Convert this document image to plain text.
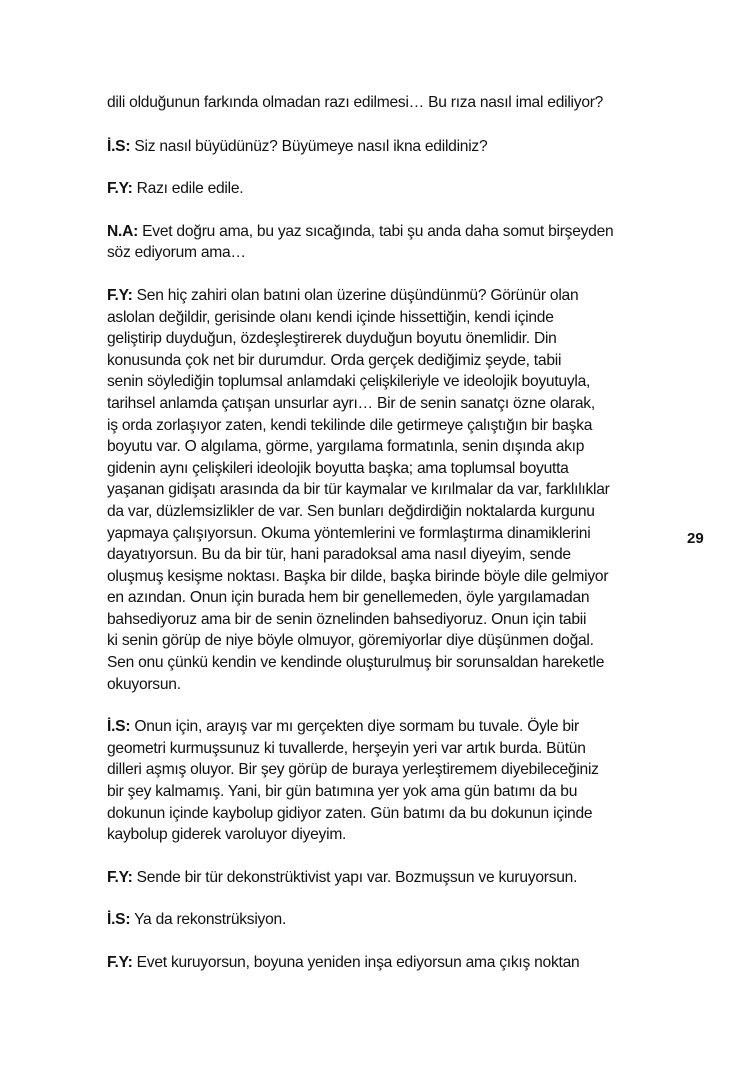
dili olduğunun farkında olmadan razı edilmesi… Bu rıza nasıl imal ediliyor?

İ.S: Siz nasıl büyüdünüz? Büyümeye nasıl ikna edildiniz?

F.Y: Razı edile edile.

N.A: Evet doğru ama, bu yaz sıcağında, tabi şu anda daha somut birşeyden
söz ediyorum ama…

F.Y: Sen hiç zahiri olan batıni olan üzerine düşündünmü? Görünür olan
aslolan değildir, gerisinde olanı kendi içinde hissettiğin, kendi içinde
geliştirip duyduğun, özdeşleştirerek duyduğun boyutu önemlidir. Din
konusunda çok net bir durumdur. Orda gerçek dediğimiz şeyde, tabii
senin söylediğin toplumsal anlamdaki çelişkileriyle ve ideolojik boyutuyla,
tarihsel anlamda çatışan unsurlar ayrı… Bir de senin sanatçı özne olarak,
iş orda zorlaşıyor zaten, kendi tekilinde dile getirmeye çalıştığın bir başka
boyutu var. O algılama, görme, yargılama formatınla, senin dışında akıp
gidenin aynı çelişkileri ideolojik boyutta başka; ama toplumsal boyutta
yaşanan gidişatı arasında da bir tür kaymalar ve kırılmalar da var, farklılıklar
da var, düzlemsizlikler de var. Sen bunları değdirdiğin noktalarda kurgunu
yapmaya çalışıyorsun. Okuma yöntemlerini ve formlaştırma dinamiklerini
dayatıyorsun. Bu da bir tür, hani paradoksal ama nasıl diyeyim, sende
oluşmuş kesişme noktası. Başka bir dilde, başka birinde böyle dile gelmiyor
en azından. Onun için burada hem bir genellemeden, öyle yargılamadan
bahsediyoruz ama bir de senin öznelinden bahsediyoruz. Onun için tabii
ki senin görüp de niye böyle olmuyor, göremiyorlar diye düşünmen doğal.
Sen onu çünkü kendin ve kendinde oluşturulmuş bir sorunsaldan hareketle
okuyorsun.

İ.S: Onun için, arayış var mı gerçekten diye sormam bu tuvale. Öyle bir
geometri kurmuşsunuz ki tuvallerde, herşeyin yeri var artık burda. Bütün
dilleri aşmış oluyor. Bir şey görüp de buraya yerleştiremem diyebileceğiniz
bir şey kalmamış. Yani, bir gün batımına yer yok ama gün batımı da bu
dokunun içinde kaybolup gidiyor zaten. Gün batımı da bu dokunun içinde
kaybolup giderek varoluyor diyeyim.

F.Y: Sende bir tür dekonstrüktivist yapı var. Bozmuşsun ve kuruyorsun.

İ.S: Ya da rekonstrüksiyon.

F.Y: Evet kuruyorsun, boyuna yeniden inşa ediyorsun ama çıkış noktan

29
